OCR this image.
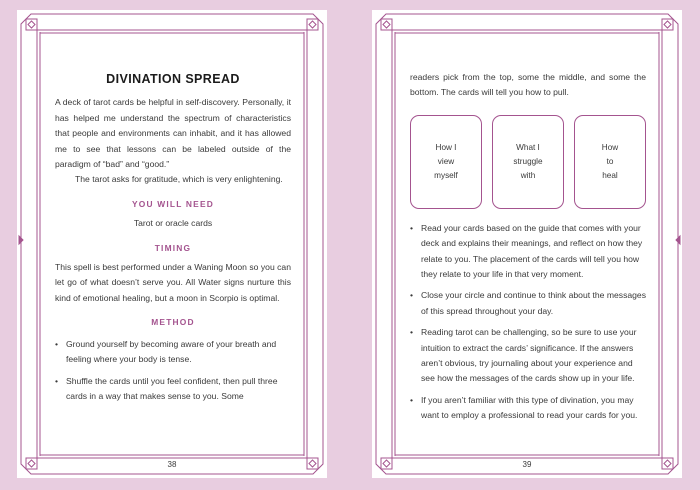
DIVINATION SPREAD

A deck of tarot cards be helpful in self-discovery. Personally, it has helped me understand the spectrum of characteristics that people and environments can inhabit, and it has allowed me to see that lessons can be labeled outside of the paradigm of “bad” and “good.”

The tarot asks for gratitude, which is very enlightening.

YOU WILL NEED

Tarot or oracle cards

TIMING

This spell is best performed under a Waning Moon so you can let go of what doesn’t serve you. All Water signs nurture this kind of emotional healing, but a moon in Scorpio is optimal.

METHOD
• Ground yourself by becoming aware of your breath and feeling where your body is tense.
• Shuffle the cards until you feel confident, then pull three cards in a way that makes sense to you. Some
38

readers pick from the top, some the middle, and some the bottom. The cards will tell you how to pull.

How I
view
myself
What I
struggle
with
How
to
heal
• Read your cards based on the guide that comes with your deck and explains their meanings, and reflect on how they relate to you. The placement of the cards will tell you how they relate to your life in that very moment.
• Close your circle and continue to think about the messages of this spread throughout your day.
• Reading tarot can be challenging, so be sure to use your intuition to extract the cards’ significance. If the answers aren’t obvious, try journaling about your experience and see how the messages of the cards show up in your life.
• If you aren’t familiar with this type of divination, you may want to employ a professional to read your cards for you.
39
